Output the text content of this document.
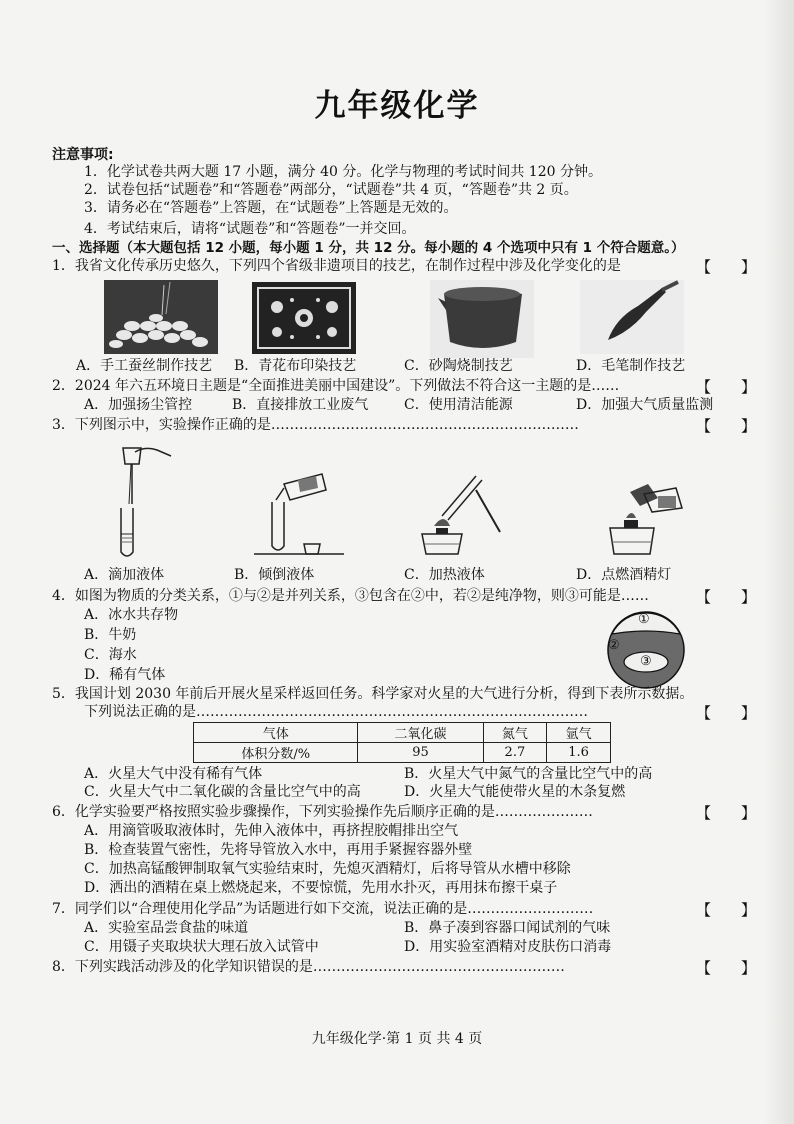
九年级化学
注意事项:
1．化学试卷共两大题 17 小题，满分 40 分。化学与物理的考试时间共 120 分钟。
2．试卷包括“试题卷”和“答题卷”两部分，“试题卷”共 4 页，“答题卷”共 2 页。
3．请务必在“答题卷”上答题，在“试题卷”上答题是无效的。
4．考试结束后，请将“试题卷”和“答题卷”一并交回。
一、选择题（本大题包括 12 小题，每小题 1 分，共 12 分。每小题的 4 个选项中只有 1 个符合题意。）
1．我省文化传承历史悠久，下列四个省级非遗项目的技艺，在制作过程中涉及化学变化的是	【　　】
A．手工蚕丝制作技艺 B．青花布印染技艺	C．砂陶烧制技艺	D．毛笔制作技艺
2．2024 年六五环境日主题是“全面推进美丽中国建设”。下列做法不符合这一主题的是……	【　　】
A．加强扬尘管控	B．直接排放工业废气	C．使用清洁能源	D．加强大气质量监测
3．下列图示中，实验操作正确的是…………………………………………………………	【　　】
A．滴加液体	B．倾倒液体	C．加热液体	D．点燃酒精灯
4．如图为物质的分类关系，①与②是并列关系，③包含在②中，若②是纯净物，则③可能是……	【　　】
A．冰水共存物
B．牛奶
C．海水
D．稀有气体
①
②
③
5．我国计划 2030 年前后开展火星采样返回任务。科学家对火星的大气进行分析，得到下表所示数据。
下列说法正确的是…………………………………………………………………………	【　　】
气体	二氧化碳	氮气	氩气
体积分数/%	95	2.7	1.6
A．火星大气中没有稀有气体	B．火星大气中氮气的含量比空气中的高
C．火星大气中二氧化碳的含量比空气中的高	D．火星大气能使带火星的木条复燃
6．化学实验要严格按照实验步骤操作，下列实验操作先后顺序正确的是…………………	【　　】
A．用滴管吸取液体时，先伸入液体中，再挤捏胶帽排出空气
B．检查装置气密性，先将导管放入水中，再用手紧握容器外壁
C．加热高锰酸钾制取氧气实验结束时，先熄灭酒精灯，后将导管从水槽中移除
D．洒出的酒精在桌上燃烧起来，不要惊慌，先用水扑灭，再用抹布擦干桌子
7．同学们以“合理使用化学品”为话题进行如下交流，说法正确的是………………………	【　　】
A．实验室品尝食盐的味道	B．鼻子凑到容器口闻试剂的气味
C．用镊子夹取块状大理石放入试管中	D．用实验室酒精对皮肤伤口消毒
8．下列实践活动涉及的化学知识错误的是………………………………………………	【　　】
九年级化学·第 1 页 共 4 页
